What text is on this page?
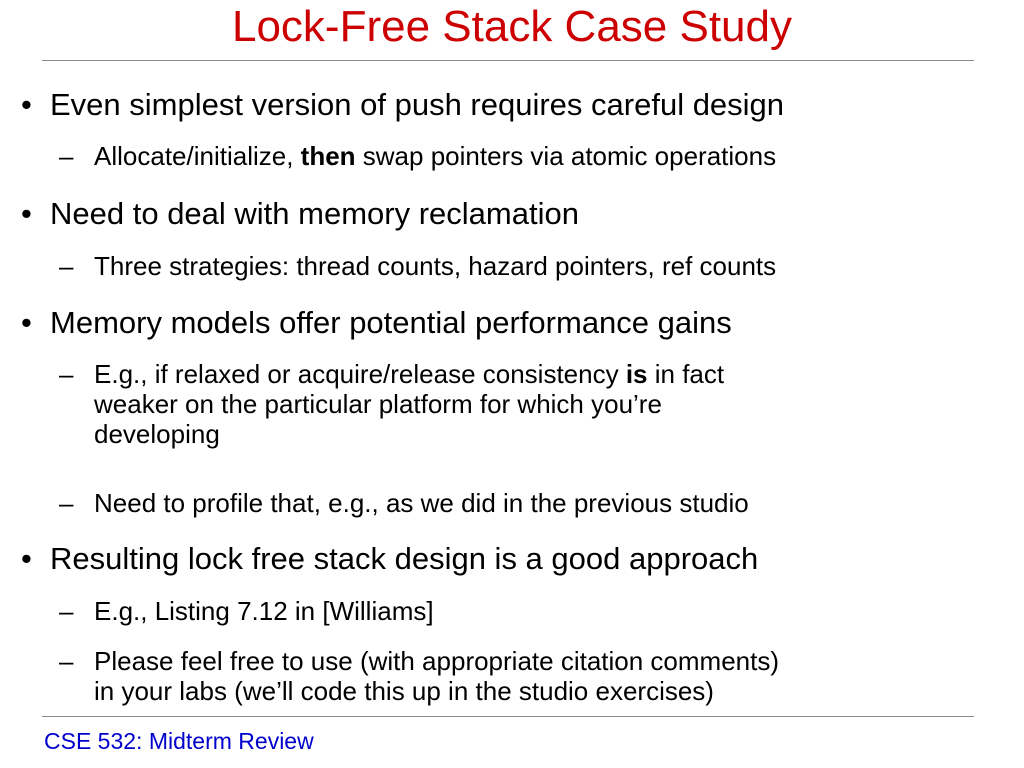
Lock-Free Stack Case Study
• Even simplest version of push requires careful design
– Allocate/initialize, then swap pointers via atomic operations
• Need to deal with memory reclamation
– Three strategies: thread counts, hazard pointers, ref counts
• Memory models offer potential performance gains
– E.g., if relaxed or acquire/release consistency is in fact
weaker on the particular platform for which you’re
developing
– Need to profile that, e.g., as we did in the previous studio
• Resulting lock free stack design is a good approach
– E.g., Listing 7.12 in [Williams]
– Please feel free to use (with appropriate citation comments)
in your labs (we’ll code this up in the studio exercises)
CSE 532: Midterm Review
